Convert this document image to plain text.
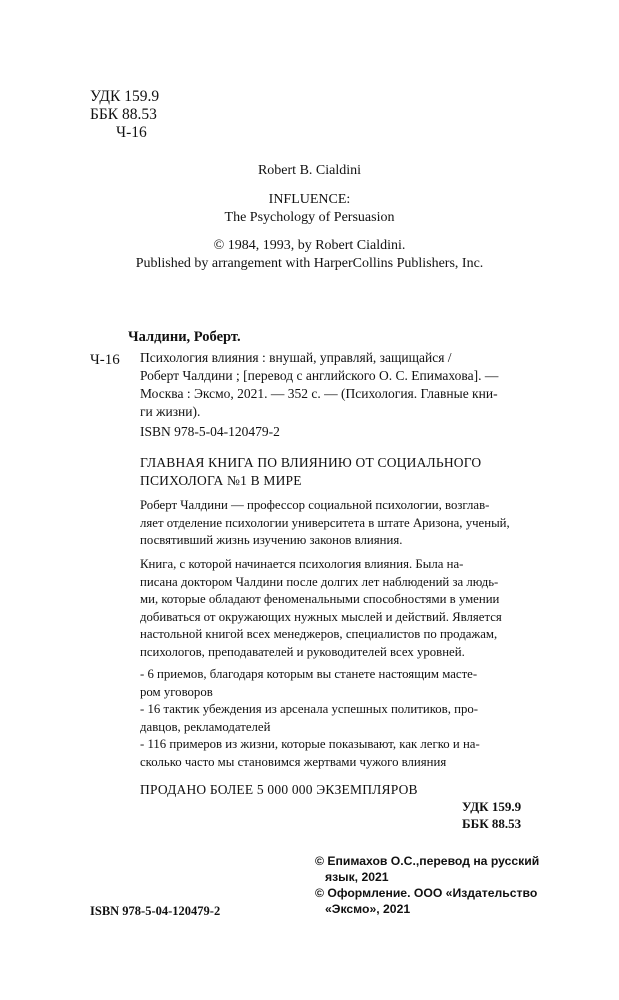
УДК 159.9
ББК 88.53
Ч-16
Robert B. Cialdini
INFLUENCE:
The Psychology of Persuasion
© 1984, 1993, by Robert Cialdini.
Published by arrangement with HarperCollins Publishers, Inc.
Чалдини, Роберт.
Ч-16 Психология влияния : внушай, управляй, защищайся /
Роберт Чалдини ; [перевод с английского О. С. Епимахова]. —
Москва : Эксмо, 2021. — 352 с. — (Психология. Главные кни-
ги жизни).
ISBN 978-5-04-120479-2
ГЛАВНАЯ КНИГА ПО ВЛИЯНИЮ ОТ СОЦИАЛЬНОГО
ПСИХОЛОГА №1 В МИРЕ
Роберт Чалдини — профессор социальной психологии, возглав-
ляет отделение психологии университета в штате Аризона, ученый,
посвятивший жизнь изучению законов влияния.
Книга, с которой начинается психология влияния. Была на-
писана доктором Чалдини после долгих лет наблюдений за людь-
ми, которые обладают феноменальными способностями в умении
добиваться от окружающих нужных мыслей и действий. Является
настольной книгой всех менеджеров, специалистов по продажам,
психологов, преподавателей и руководителей всех уровней.
- 6 приемов, благодаря которым вы станете настоящим масте-
ром уговоров
- 16 тактик убеждения из арсенала успешных политиков, про-
давцов, рекламодателей
- 116 примеров из жизни, которые показывают, как легко и на-
сколько часто мы становимся жертвами чужого влияния
ПРОДАНО БОЛЕЕ 5 000 000 ЭКЗЕМПЛЯРОВ
УДК 159.9
ББК 88.53
© Епимахов О.С.,перевод на русский
язык, 2021
© Оформление. ООО «Издательство
«Эксмо», 2021
ISBN 978-5-04-120479-2
